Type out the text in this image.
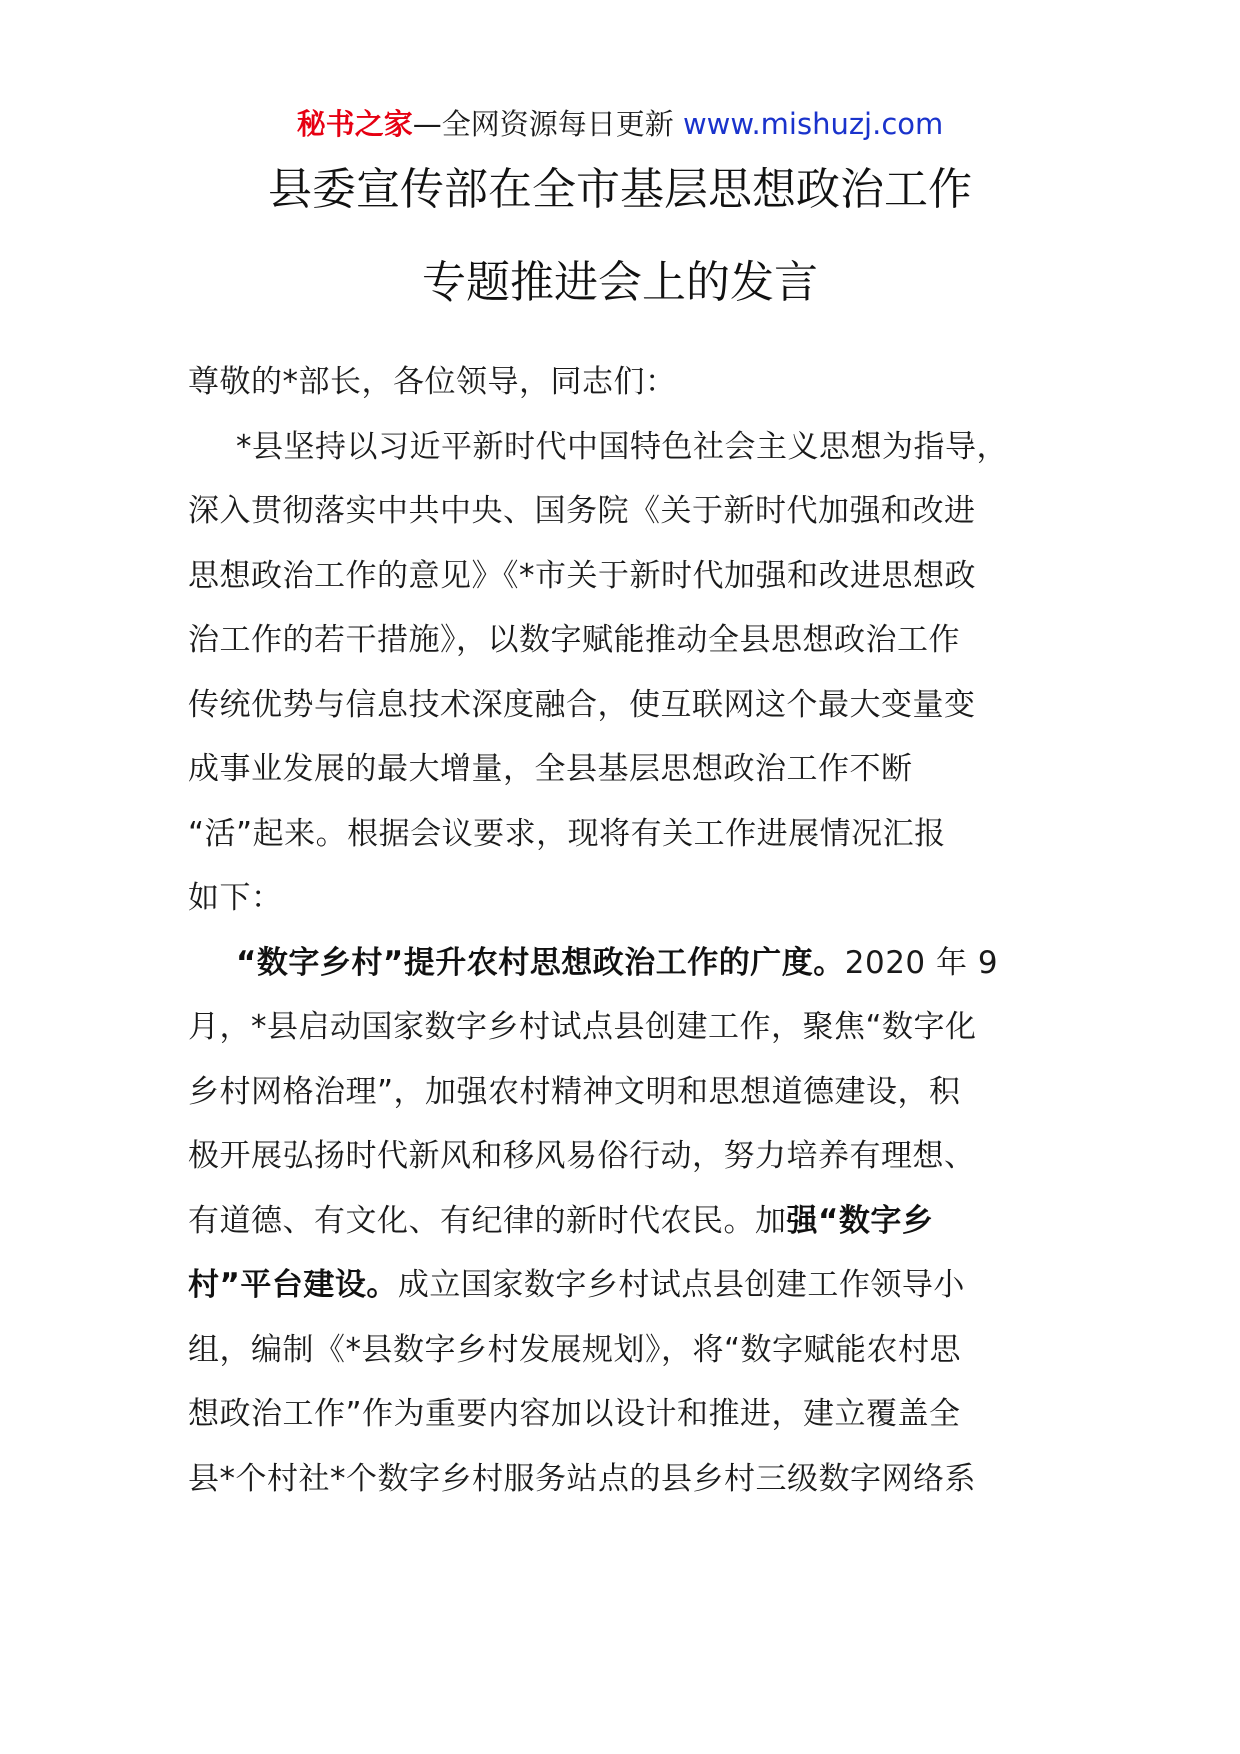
秘书之家—全网资源每日更新 www.mishuzj.com
县委宣传部在全市基层思想政治工作
专题推进会上的发言
尊敬的*部长，各位领导，同志们：
*县坚持以习近平新时代中国特色社会主义思想为指导，
深入贯彻落实中共中央、国务院《关于新时代加强和改进
思想政治工作的意见》《*市关于新时代加强和改进思想政
治工作的若干措施》，以数字赋能推动全县思想政治工作
传统优势与信息技术深度融合，使互联网这个最大变量变
成事业发展的最大增量，全县基层思想政治工作不断
“活”起来。根据会议要求，现将有关工作进展情况汇报
如下：
“数字乡村”提升农村思想政治工作的广度。2020 年 9
月，*县启动国家数字乡村试点县创建工作，聚焦“数字化
乡村网格治理”，加强农村精神文明和思想道德建设，积
极开展弘扬时代新风和移风易俗行动，努力培养有理想、
有道德、有文化、有纪律的新时代农民。加强“数字乡
村”平台建设。成立国家数字乡村试点县创建工作领导小
组，编制《*县数字乡村发展规划》，将“数字赋能农村思
想政治工作”作为重要内容加以设计和推进，建立覆盖全
县*个村社*个数字乡村服务站点的县乡村三级数字网络系
